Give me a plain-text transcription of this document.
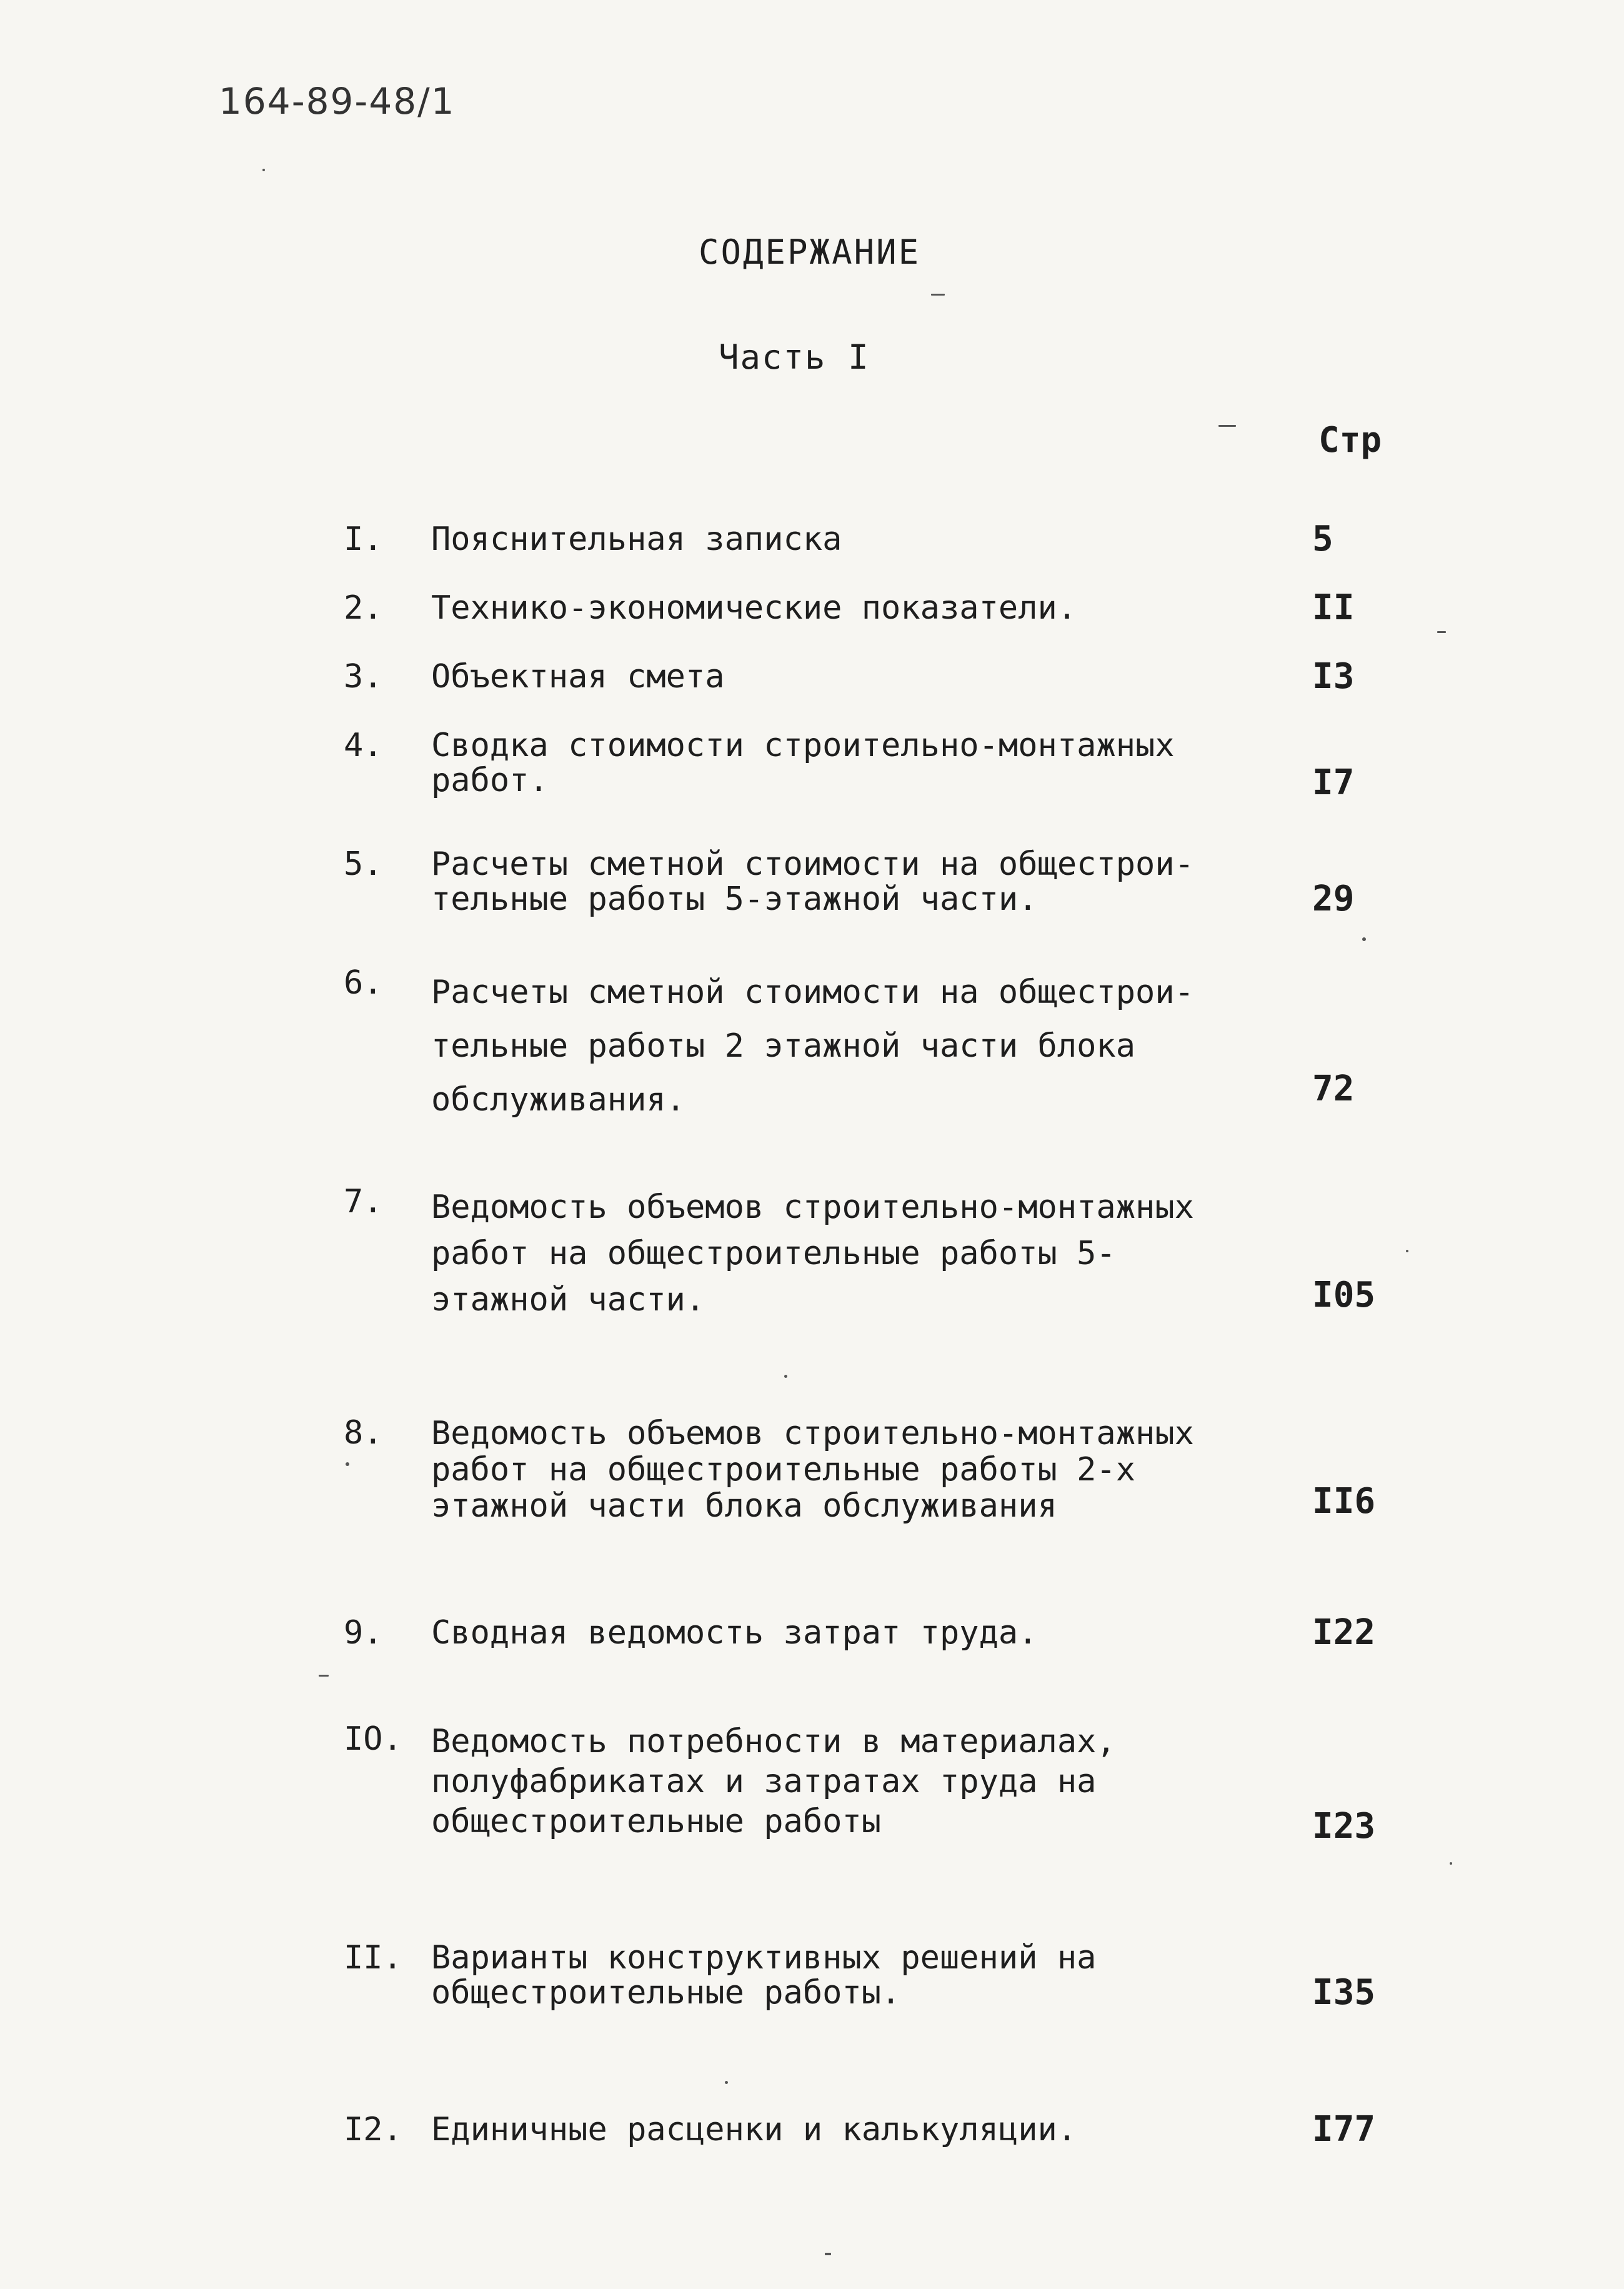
164-89-48/1
СОДЕРЖАНИЕ
Часть I
Стр
I.	Пояснительная записка	5
2.	Технико-экономические показатели.	II
3.	Объектная смета	I3
4.	Сводка стоимости строительно-монтажных
работ.	I7
5.	Расчеты сметной стоимости на общестрои-
тельные работы 5-этажной части.	29
6.	Расчеты сметной стоимости на общестрои-
тельные работы 2 этажной части блока
обслуживания.	72
7.	Ведомость объемов строительно-монтажных
работ на общестроительные работы 5-
этажной части.	I05
8.	Ведомость объемов строительно-монтажных
работ на общестроительные работы 2-х
этажной части блока обслуживания	II6
9.	Сводная ведомость затрат труда.	I22
IO. Ведомость потребности в материалах,
полуфабрикатах и затратах труда на
общестроительные работы	I23
II. Варианты конструктивных решений на
общестроительные работы.	I35
I2. Единичные расценки и калькуляции.	I77
